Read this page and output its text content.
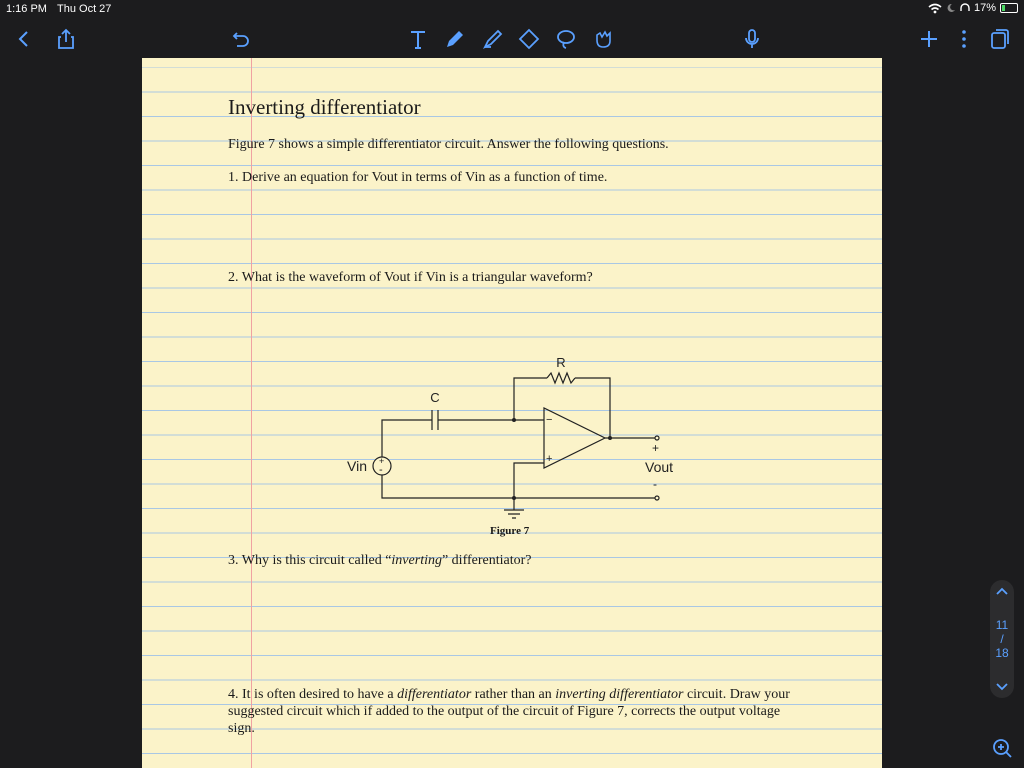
1:16 PM Thu Oct 27	17%
Inverting differentiator
Figure 7 shows a simple differentiator circuit. Answer the following questions.
1. Derive an equation for Vout in terms of Vin as a function of time.
2. What is the waveform of Vout if Vin is a triangular waveform?
R
C
Vin	Vout
+
-
+
-
−
+
Figure 7
3. Why is this circuit called “inverting” differentiator?
4. It is often desired to have a differentiator rather than an inverting differentiator circuit. Draw your suggested circuit which if added to the output of the circuit of Figure 7, corrects the output voltage sign.
11
/
18
